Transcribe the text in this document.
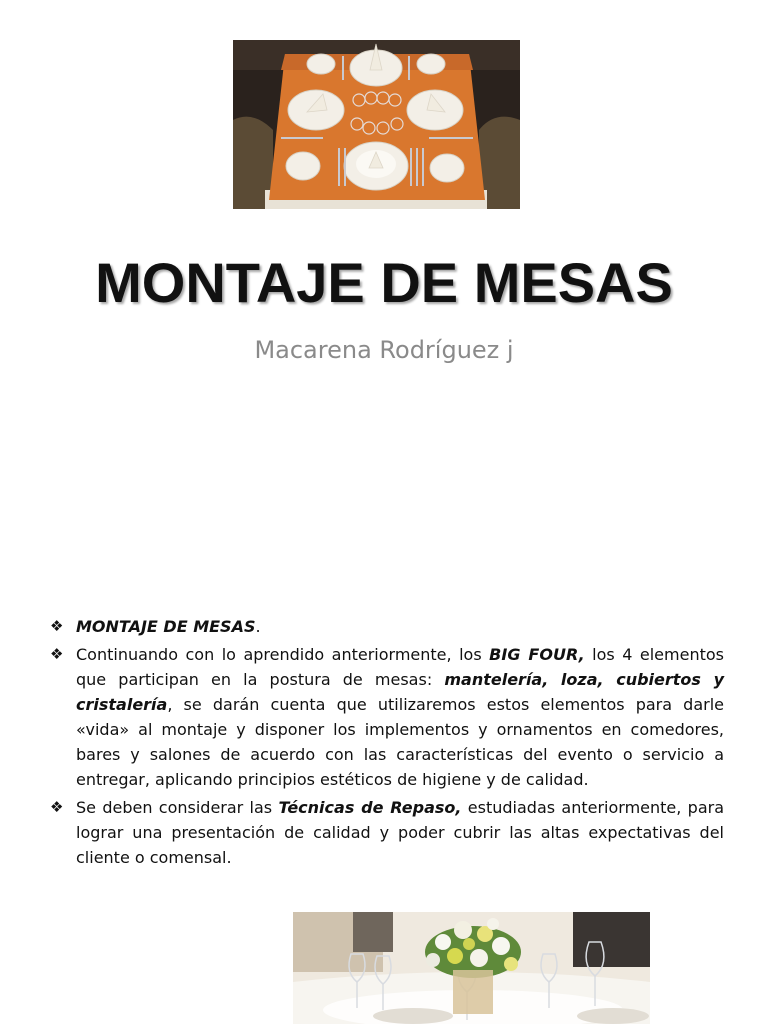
MONTAJE DE MESAS

Macarena Rodríguez j

❖ MONTAJE DE MESAS.
❖ Continuando con lo aprendido anteriormente, los BIG FOUR, los 4 elementos que participan en la postura de mesas: mantelería, loza, cubiertos y cristalería, se darán cuenta que utilizaremos estos elementos para darle «vida» al montaje y disponer los implementos y ornamentos en comedores, bares y salones de acuerdo con las características del evento o servicio a entregar, aplicando principios estéticos de higiene y de calidad.
❖ Se deben considerar las Técnicas de Repaso, estudiadas anteriormente, para lograr una presentación de calidad y poder cubrir las altas expectativas del cliente o comensal.
